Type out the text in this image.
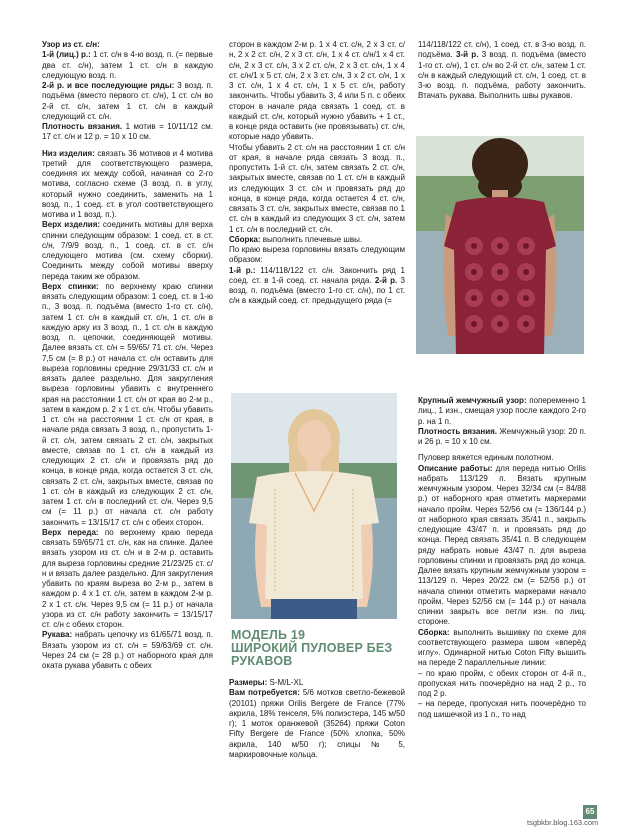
Узор из ст. с/н:

1-й (лиц.) р.: 1 ст. с/н в 4-ю возд. п. (= первые два ст. с/н), затем 1 ст. с/н в каждую следующую возд. п.

2-й р. и все последующие ряды: 3 возд. п. подъёма (вместо первого ст. с/н), 1 ст. с/н во 2-й ст. с/н, затем 1 ст. с/н в каждый следующий ст. с/н.

Плотность вязания. 1 мотив = 10/11/12 см. 17 ст. с/н и 12 р. = 10 х 10 см.

Низ изделия: связать 36 мотивов и 4 мотива третий для соответствующего размера, соединяя их между собой, начиная со 2-го мотива, согласно схеме (3 возд. п. в углу, который нужно соединить, заменить на 1 возд. п., 1 соед. ст. в угол соответствующего мотива и 1 возд. п.).

Верх изделия: соединить мотивы для верха спинки следующим образом: 1 соед. ст. в ст. с/н, 7/9/9 возд. п., 1 соед. ст. в ст. с/н следующего мотива (см. схему сборки). Соединить между собой мотивы вверху переда таким же образом.

Верх спинки: по верхнему краю спинки вязать следующим образом: 1 соед. ст. в 1-ю п., 3 возд. п. подъёма (вместо 1-го ст. с/н), затем 1 ст. с/н в каждый ст. с/н, 1 ст. с/н в каждую арку из 3 возд. п., 1 ст. с/н в каждую возд. п. цепочки, соединяющей мотивы. Далее вязать ст. с/н = 59/65/ 71 ст. с/н. Через 7,5 см (= 8 р.) от начала ст. с/н оставить для выреза горловины средние 29/31/33 ст. с/н и вязать далее раздельно. Для закругления выреза горловины убавить с внутреннего края на расстоянии 1 ст. с/н от края во 2-м р., затем в каждом р. 2 х 1 ст. с/н. Чтобы убавить 1 ст. с/н на расстоянии 1 ст. с/н от края, в начале ряда связать 3 возд. п., пропустить 1-й ст. с/н, затем связать 2 ст. с/н, закрытых вместе, связав по 1 ст. с/н в каждый из следующих 2 ст. с/н и провязать ряд до конца, в конце ряда, когда остается 3 ст. с/н, связать 2 ст. с/н, закрытых вместе, связав по 1 ст. с/н в каждый из следующих 2 ст. с/н, затем 1 ст. с/н в последний ст. с/н. Через 9,5 см (= 11 р.) от начала ст. с/н работу закончить = 13/15/17 ст. с/н с обеих сторон.

Верх переда: по верхнему краю переда связать 59/65/71 ст. с/н, как на спинке. Далее вязать узором из ст. с/н и в 2-м р. оставить для выреза горловины средние 21/23/25 ст. с/н и вязать далее раздельно. Для закругления убавить по краям выреза во 2-м р., затем в каждом р. 4 х 1 ст. с/н, затем в каждом 2-м р. 2 х 1 ст. с/н. Через 9,5 см (= 11 р.) от начала узора из ст. с/н работу закончить = 13/15/17 ст. с/н с обеих сторон.

Рукава: набрать цепочку из 61/65/71 возд. п. Вязать узором из ст. с/н = 59/63/69 ст. с/н. Через 24 см (= 28 р.) от наборного края для оката рукава убавить с обеих

сторон в каждом 2-м р. 1 х 4 ст. с/н, 2 х 3 ст. с/н, 2 х 2 ст. с/н, 2 х 3 ст. с/н, 1 х 4 ст. с/н/1 х 4 ст. с/н, 2 х 3 ст. с/н, 3 х 2 ст. с/н, 2 х 3 ст. с/н, 1 х 4 ст. с/н/1 х 5 ст. с/н, 2 х 3 ст. с/н, 3 х 2 ст. с/н, 1 х 3 ст. с/н, 1 х 4 ст. с/н, 1 х 5 ст. с/н, работу закончить. Чтобы убавить 3, 4 или 5 п. с обеих сторон в начале ряда связать 1 соед. ст. в каждый ст. с/н, который нужно убавить + 1 ст., в конце ряда оставить (не провязывать) ст. с/н, которые надо убавить.

Чтобы убавить 2 ст. с/н на расстоянии 1 ст. с/н от края, в начале ряда связать 3 возд. п., пропустить 1-й ст. с/н, затем связать 2 ст. с/н, закрытых вместе, связав по 1 ст. с/н в каждый из следующих 3 ст. с/н и провязать ряд до конца, в конце ряда, когда остается 4 ст. с/н, связать 3 ст. с/н, закрытых вместе, связав по 1 ст. с/н в каждый из следующих 3 ст. с/н, затем 1 ст. с/н в последний ст. с/н.

Сборка: выполнить плечевые швы.

По краю выреза горловины вязать следующим образом:

1-й р.: 114/118/122 ст. с/н. Закончить ряд 1 соед. ст. в 1-й соед. ст. начала ряда. 2-й р. 3 возд. п. подъёма (вместо 1-го ст. с/н), по 1 ст. с/н в каждый соед. ст. предыдущего ряда (=

114/118/122 ст. с/н), 1 соед. ст. в 3-ю возд. п. подъёма. 3-й р. 3 возд. п. подъёма (вместо 1-го ст. с/н), 1 ст. с/н во 2-й ст. с/н, затем 1 ст. с/н в каждый следующий ст. с/н, 1 соед. ст. в 3-ю возд. п. подъёма, работу закончить. Втачать рукава. Выполнить швы рукавов.

МОДЕЛЬ 19
ШИРОКИЙ ПУЛОВЕР БЕЗ РУКАВОВ

Размеры: S-M/L-XL

Вам потребуется: 5/6 мотков светло-бежевой (20101) пряжи Orilis Bergere de France (77% акрила, 18% тенселя, 5% полиэстера, 145 м/50 г); 1 моток оранжевой (35264) пряжи Coton Fifty Bergere de France (50% хлопка, 50% акрила, 140 м/50 г); спицы № 5, маркировочные кольца.

Крупный жемчужный узор: попеременно 1 лиц., 1 изн., смещая узор после каждого 2-го р. на 1 п.

Плотность вязания. Жемчужный узор: 20 п. и 26 р. = 10 х 10 см.

Пуловер вяжется единым полотном.

Описание работы: для переда нитью Orilis набрать 113/129 п. Вязать крупным жемчужным узором. Через 32/34 см (= 84/88 р.) от наборного края отметить маркерами начало пройм. Через 52/56 см (= 136/144 р.) от наборного края связать 35/41 п., закрыть следующие 43/47 п. и провязать ряд до конца. Перед связать 35/41 п. В следующем ряду набрать новые 43/47 п. для выреза горловины спинки и провязать ряд до конца. Далее вязать крупным жемчужным узором = 113/129 п. Через 20/22 см (= 52/56 р.) от начала спинки отметить маркерами начало пройм. Через 52/56 см (= 144 р.) от начала спинки закрыть все петли изн. по лиц. стороне.

Сборка: выполнить вышивку по схеме для соответствующего размера швом «вперёд иглу». Одинарной нитью Coton Fifty вышить на переде 2 параллельные линии:

– по краю пройм, с обеих сторон от 4-й п., пропуская нить поочерёдно на над 2 р., то под 2 р.

– на переде, пропуская нить поочерёдно то под шишечкой из 1 п., то над

65
tsgbkbr.blog.163.com
